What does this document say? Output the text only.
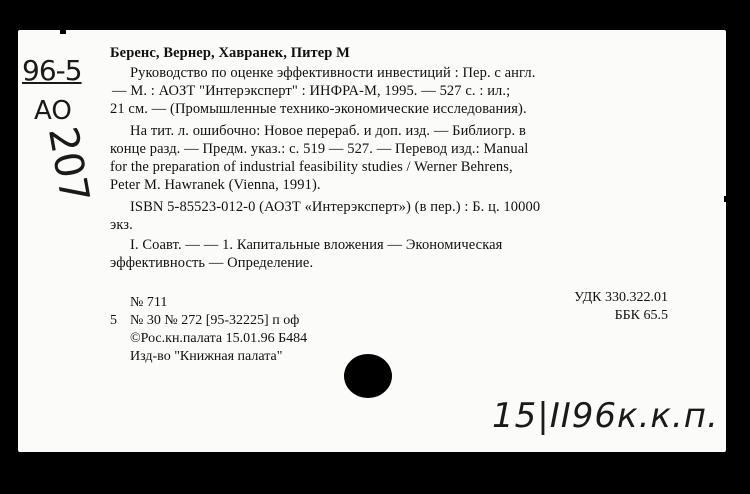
96-5
AO
207
Беренс, Вернер, Хавранек, Питер М
Руководство по оценке эффективности инвестиций : Пер. с англ.
— М. : АОЗТ "Интерэксперт" : ИНФРА-М, 1995. — 527 с. : ил.;
21 см. — (Промышленные технико-экономические исследования).
На тит. л. ошибочно: Новое перераб. и доп. изд. — Библиогр. в
конце разд. — Предм. указ.: с. 519 — 527. — Перевод изд.: Manual
for the preparation of industrial feasibility studies / Werner Behrens,
Peter M. Hawranek (Vienna, 1991).
ISBN 5-85523-012-0 (АОЗТ «Интерэксперт») (в пер.) : Б. ц. 10000
экз.
I. Соавт. — — 1. Капитальные вложения — Экономическая
эффективность — Определение.
№ 711
5 № 30 № 272 [95-32225] п оф
©Рос.кн.палата 15.01.96 Б484
Изд-во "Книжная палата"
УДК 330.322.01
ББК 65.5
15|II96к.к.п.
